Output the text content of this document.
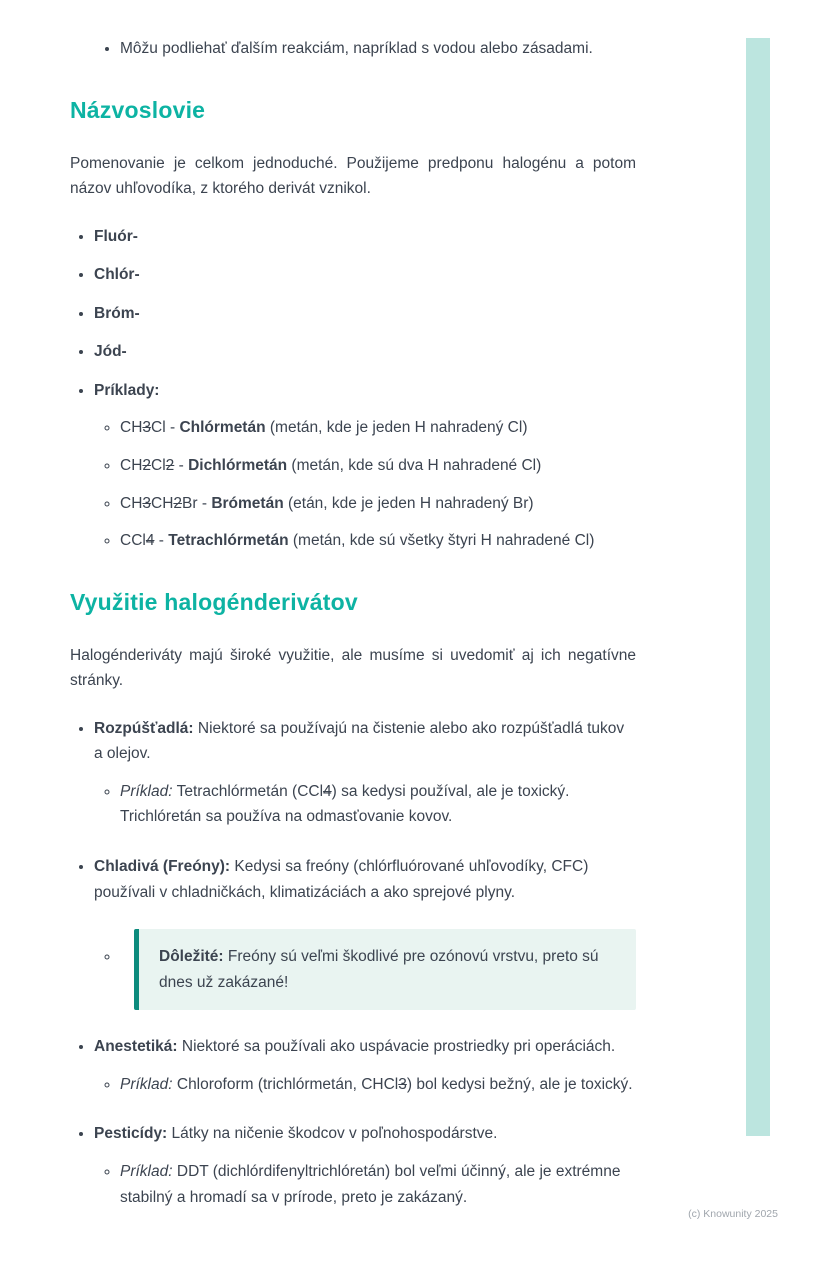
• Môžu podliehať ďalším reakciám, napríklad s vodou alebo zásadami.
Názvoslovie

Pomenovanie je celkom jednoduché. Použijeme predponu halogénu a potom názov uhľovodíka, z ktorého derivát vznikol.

• Fluór-
• Chlór-
• Bróm-
• Jód-
• Príklady:
◦ CH3Cl - Chlórmetán (metán, kde je jeden H nahradený Cl)
◦ CH2Cl2 - Dichlórmetán (metán, kde sú dva H nahradené Cl)
◦ CH3CH2Br - Brómetán (etán, kde je jeden H nahradený Br)
◦ CCl4 - Tetrachlórmetán (metán, kde sú všetky štyri H nahradené Cl)
Využitie halogénderivátov

Halogénderiváty majú široké využitie, ale musíme si uvedomiť aj ich negatívne stránky.

• Rozpúšťadlá: Niektoré sa používajú na čistenie alebo ako rozpúšťadlá tukov a olejov.
◦ Príklad: Tetrachlórmetán (CCl4) sa kedysi používal, ale je toxický. Trichlóretán sa používa na odmasťovanie kovov.
• Chladivá (Freóny): Kedysi sa freóny (chlórfluórované uhľovodíky, CFC) používali v chladničkách, klimatizáciách a ako sprejové plyny.
◦ Dôležité: Freóny sú veľmi škodlivé pre ozónovú vrstvu, preto sú dnes už zakázané!
• Anestetiká: Niektoré sa používali ako uspávacie prostriedky pri operáciách.
◦ Príklad: Chloroform (trichlórmetán, CHCl3) bol kedysi bežný, ale je toxický.
• Pesticídy: Látky na ničenie škodcov v poľnohospodárstve.
◦ Príklad: DDT (dichlórdifenyltrichlóretán) bol veľmi účinný, ale je extrémne stabilný a hromadí sa v prírode, preto je zakázaný.
(c) Knowunity 2025
